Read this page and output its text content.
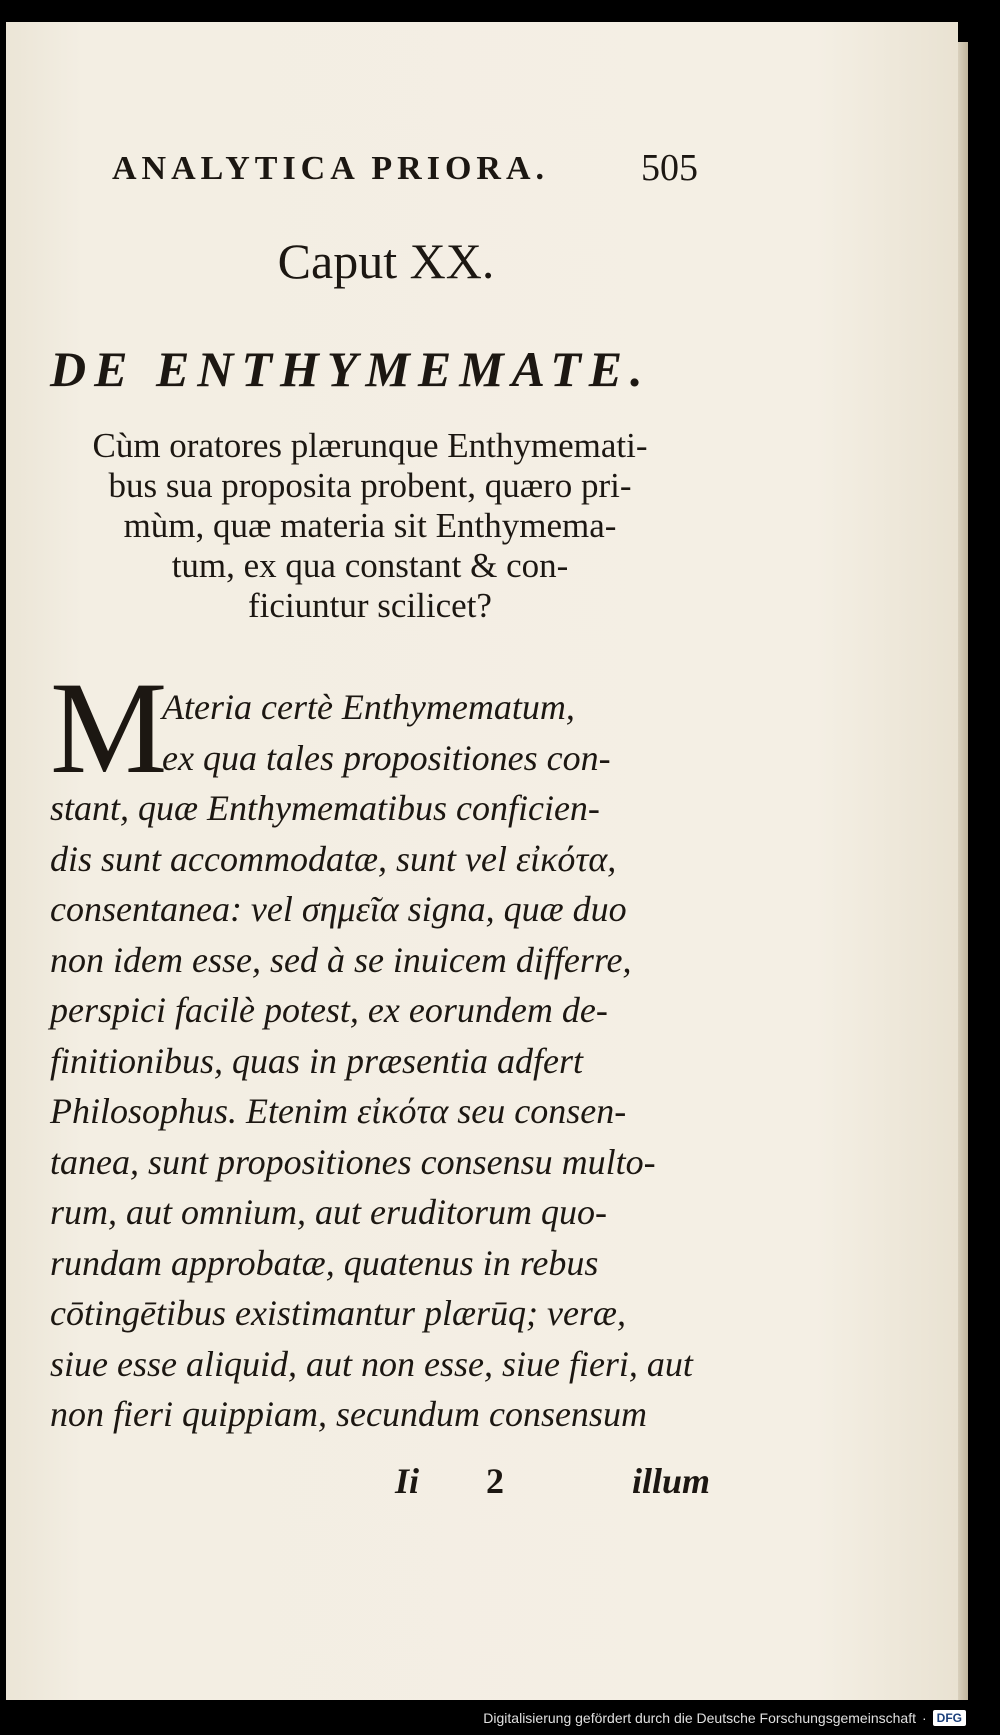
ANALYTICA PRIORA. 505
Caput XX.
DE ENTHYMEMATE.
Cùm oratores plærunque Enthymemati-
bus sua proposita probent, quæro pri-
mùm, quæ materia sit Enthymema-
tum, ex qua constant & con-
ficiuntur scilicet?
M
Ateria certè Enthymematum,
ex qua tales propositiones con-
stant, quæ Enthymematibus conficien-
dis sunt accommodatæ, sunt vel εἰκότα,
consentanea: vel σημεῖα signa, quæ duo
non idem esse, sed à se inuicem differre,
perspici facilè potest, ex eorundem de-
finitionibus, quas in præsentia adfert
Philosophus. Etenim εἰκότα seu consen-
tanea, sunt propositiones consensu multo-
rum, aut omnium, aut eruditorum quo-
rundam approbatæ, quatenus in rebus
cōtingētibus existimantur plærūq; veræ,
siue esse aliquid, aut non esse, siue fieri, aut
non fieri quippiam, secundum consensum
Ii 2	illum
Digitalisierung gefördert durch die Deutsche Forschungsgemeinschaft · DFG
